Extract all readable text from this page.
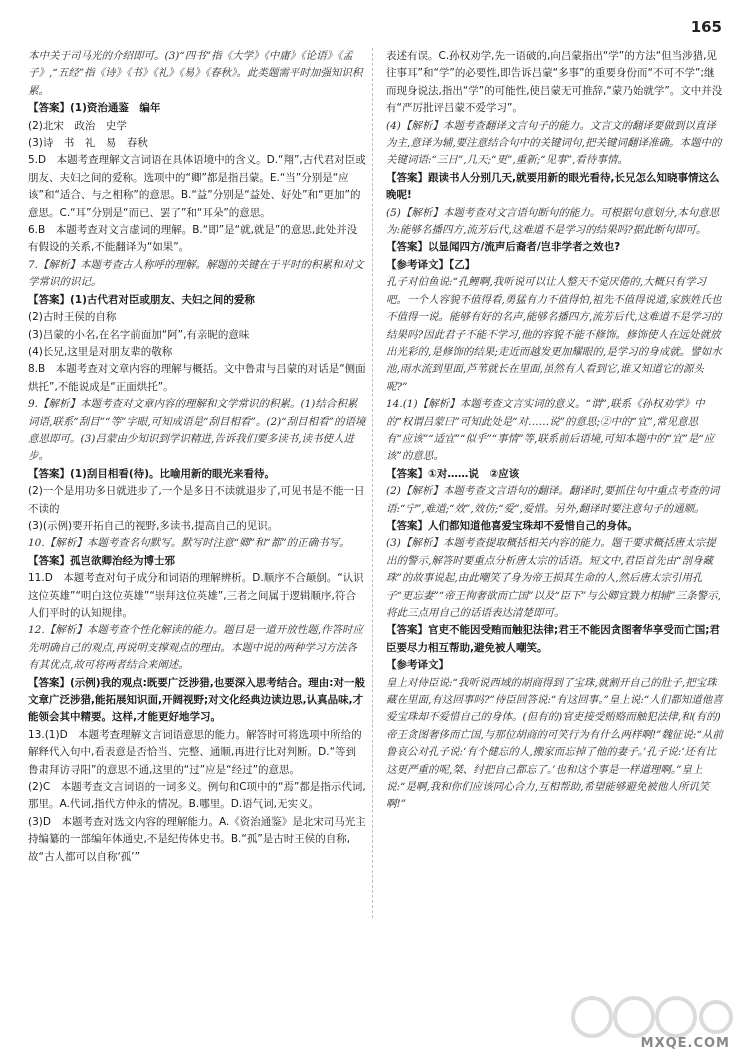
165

本中关于司马光的介绍即可。(3)“四书”指《大学》《中庸》《论语》《孟子》,“五经”指《诗》《书》《礼》《易》《春秋》。此类题需平时加强知识积累。

【答案】(1)资治通鉴　编年

(2)北宋　政治　史学

(3)诗　书　礼　易　春秋

5.D　本题考查理解文言词语在具体语境中的含义。D.“翔”,古代君对臣或朋友、夫妇之间的爱称。选项中的“卿”都是指吕蒙。E.“当”分别是“应该”和“适合、与之相称”的意思。B.“益”分别是“益处、好处”和“更加”的意思。C.“耳”分别是“而已、罢了”和“耳朵”的意思。

6.B　本题考查对文言虚词的理解。B.“即”是“就,就是”的意思,此处并没有假设的关系,不能翻译为“如果”。

7.【解析】本题考查古人称呼的理解。解题的关键在于平时的积累和对文学常识的识记。

【答案】(1)古代君对臣或朋友、夫妇之间的爱称

(2)古时王侯的自称

(3)吕蒙的小名,在名字前面加“阿”,有亲昵的意味

(4)长兄,这里是对朋友辈的敬称

8.B　本题考查对文章内容的理解与概括。文中鲁肃与吕蒙的对话是“侧面烘托”,不能说成是“正面烘托”。

9.【解析】本题考查对文章内容的理解和文学常识的积累。(1)结合积累词语,联系“刮目”“等”字眼,可知成语是“刮目相看”。(2)“刮目相看”的语境意思即可。(3)吕蒙由少知识到学识精进,告诉我们要多读书,读书使人进步。

【答案】(1)刮目相看(待)。比喻用新的眼光来看待。

(2)一个是用功多日就进步了,一个是多日不读就退步了,可见书是不能一日不读的

(3)(示例)要开拓自己的视野,多读书,提高自己的见识。

10.【解析】本题考查名句默写。默写时注意“卿”和“都”的正确书写。

【答案】孤岂欲卿治经为博士邪

11.D　本题考查对句子成分和词语的理解辨析。D.顺序不合颠倒。“认识这位英雄”“明白这位英雄”“崇拜这位英雄”,三者之间属于逻辑顺序,符合人们平时的认知规律。

12.【解析】本题考查个性化解读的能力。题目是一道开放性题,作答时应先明确自己的观点,再说明支撑观点的理由。本题中说的两种学习方法各有其优点,故可将两者结合来阐述。

【答案】(示例)我的观点:既要广泛涉猎,也要深入思考结合。理由:对一般文章广泛涉猎,能拓展知识面,开阔视野;对文化经典边读边思,认真品味,才能领会其中精要。这样,才能更好地学习。

13.(1)D　本题考查理解文言词语意思的能力。解答时可将选项中所给的解释代入句中,看表意是否恰当、完整、通顺,再进行比对判断。D.“等到鲁肃拜访寻阳”的意思不通,这里的“过”应是“经过”的意思。

(2)C　本题考查文言词语的一词多义。例句和C项中的“焉”都是指示代词,那里。A.代词,指代方仲永的情况。B.哪里。D.语气词,无实义。

(3)D　本题考查对选文内容的理解能力。A.《资治通鉴》是北宋司马光主持编纂的一部编年体通史,不是纪传体史书。B.“孤”是古时王侯的自称,故“古人都可以自称‘孤’”

表述有误。C.孙权劝学,先一语破的,向吕蒙指出“学”的方法“但当涉猎,见往事耳”和“学”的必要性,即告诉吕蒙“多事”的重要身份而“不可不学”;继而现身说法,指出“学”的可能性,使吕蒙无可推辞,“蒙乃始就学”。文中并没有“严厉批评吕蒙不爱学习”。

(4)【解析】本题考查翻译文言句子的能力。文言文的翻译要做到以直译为主,意译为辅,要注意结合句中的关键词句,把关键词翻译准确。本题中的关键词语:“三日”,几天;“更”,重新;“见事”,看待事情。

【答案】跟读书人分别几天,就要用新的眼光看待,长兄怎么知晓事情这么晚呢!

(5)【解析】本题考查对文言语句断句的能力。可根据句意划分,本句意思为:能够名播四方,流芳后代,这难道不是学习的结果吗?据此断句即可。

【答案】以显闻四方/流声后裔者/岂非学者之效也?

【参考译文】【乙】

孔子对伯鱼说:“孔鲤啊,我听说可以让人整天不觉厌倦的,大概只有学习吧。一个人容貌不值得看,勇猛有力不值得怕,祖先不值得说道,家族姓氏也不值得一说。能够有好的名声,能够名播四方,流芳后代,这难道不是学习的结果吗?因此君子不能不学习,他的容貌不能不修饰。修饰使人在远处就放出光彩的,是修饰的结果;走近而越发更加耀眼的,是学习的身成就。譬如水池,雨水流到里面,芦苇就长在里面,虽然有人看到它,谁又知道它的源头呢?”

14.(1)【解析】本题考查文言实词的意义。“谓”,联系《孙权劝学》中的“权谓吕蒙曰”可知此处是“对……说”的意思;②中的“宜”,常见意思有“应该”“适宜”“似乎”“事情”等,联系前后语境,可知本题中的“宜”是“应该”的意思。

【答案】①对……说　②应该

(2)【解析】本题考查文言语句的翻译。翻译时,要抓住句中重点考查的词语:“宁”,难道;“效”,效仿;“爱”,爱惜。另外,翻译时要注意句子的通顺。

【答案】人们都知道他喜爱宝珠却不爱惜自己的身体。

(3)【解析】本题考查提取概括相关内容的能力。题干要求概括唐太宗提出的警示,解答时要重点分析唐太宗的话语。短文中,君臣首先由“剖身藏珠”的故事说起,由此嘲笑了身为帝王损其生命的人,然后唐太宗引用孔子“更忘妻”“帝王徇奢欲而亡国”以及“臣下”与公卿宜戮力相辅”三条警示,将此三点用自己的话语表达清楚即可。

【答案】官吏不能因受贿而触犯法律;君王不能因贪图奢华享受而亡国;君臣要尽力相互帮助,避免被人嘲笑。

【参考译文】

皇上对侍臣说:“我听说西域的胡商得到了宝珠,就割开自己的肚子,把宝珠藏在里面,有这回事吗?”侍臣回答说:“有这回事。”皇上说:“人们都知道他喜爱宝珠却不爱惜自己的身体。(但有的)官吏接受贿赂而触犯法律,和(有的)帝王贪图奢侈而亡国,与那位胡商的可笑行为有什么两样啊!”魏征说:“从前鲁哀公对孔子说:‘有个健忘的人,搬家而忘掉了他的妻子。’孔子说:‘还有比这更严重的呢,桀、纣把自己都忘了。’也和这个事是一样道理啊。”皇上说:“是啊,我和你们应该同心合力,互相帮助,希望能够避免被他人所讥笑啊!”

MXQE.COM
